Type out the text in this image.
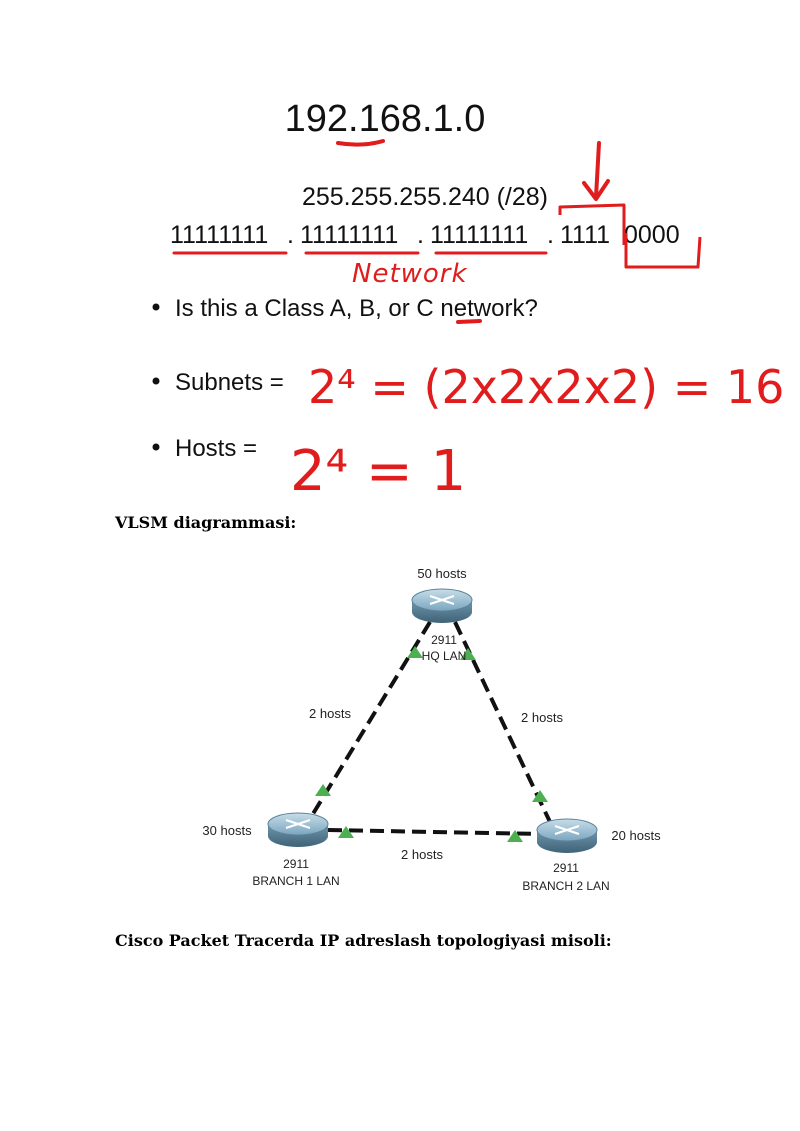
192.168.1.0
255.255.255.240 (/28)
11111111 . 11111111 . 11111111 . 1111 0000
Network
Is this a Class A, B, or C network?
Subnets = 2⁴ = (2x2x2x2) = 16
Hosts = 2⁴ = 1
VLSM diagrammasi:
2 hosts	2 hosts
2 hosts
50 hosts
2911
HQ LAN
30 hosts
2911
BRANCH 1 LAN
20 hosts
2911
BRANCH 2 LAN
Cisco Packet Tracerda IP adreslash topologiyasi misoli:
